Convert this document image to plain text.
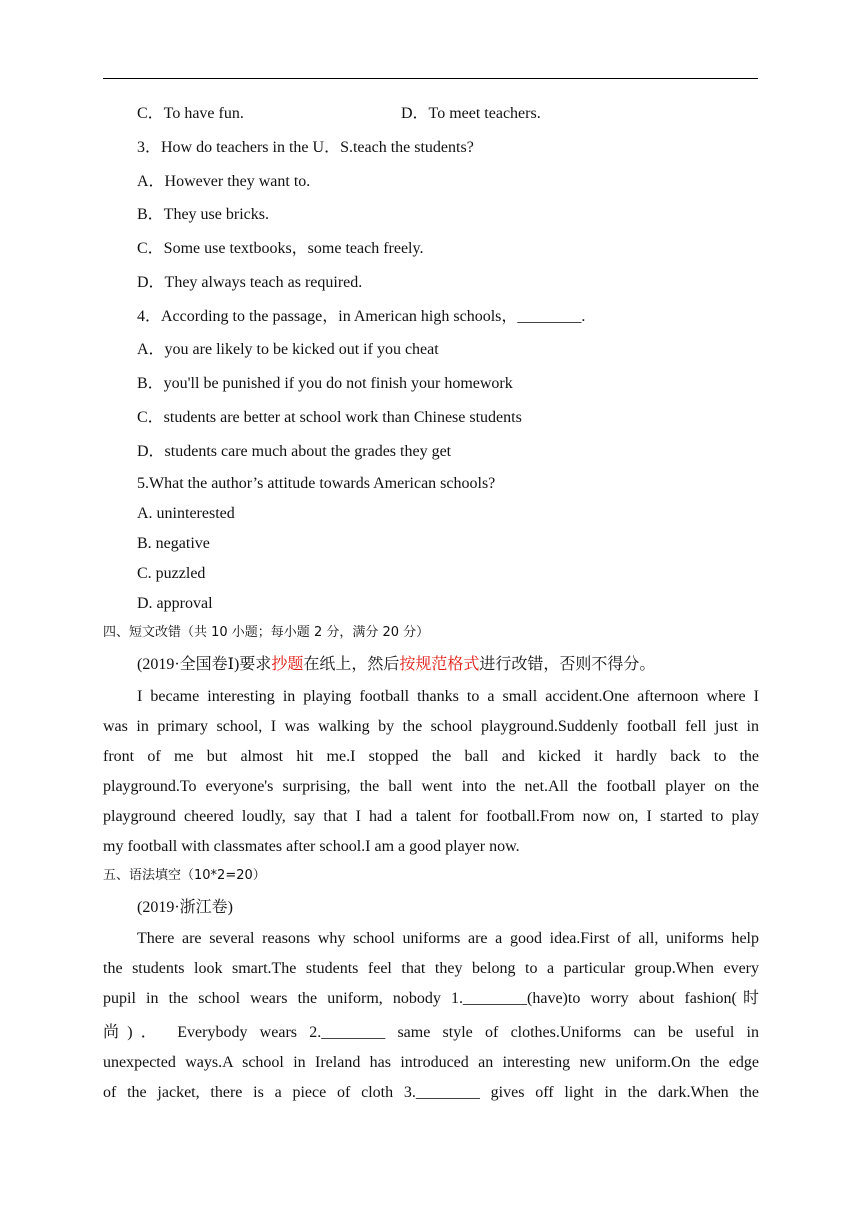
C．To have fun.	D．To meet teachers.
3．How do teachers in the U．S.teach the students?
A．However they want to.
B．They use bricks.
C．Some use textbooks，some teach freely.
D．They always teach as required.
4．According to the passage，in American high schools，________.
A．you are likely to be kicked out if you cheat
B．you'll be punished if you do not finish your homework
C．students are better at school work than Chinese students
D．students care much about the grades they get
5.What the author’s attitude towards American schools?
A. uninterested
B. negative
C. puzzled
D. approval
四、短文改错（共 10 小题；每小题 2 分，满分 20 分）
(2019·全国卷Ⅰ)要求抄题在纸上，然后按规范格式进行改错，否则不得分。
I became interesting in playing football thanks to a small accident.One afternoon where I
was in primary school, I was walking by the school playground.Suddenly football fell just in
front of me but almost hit me.I stopped the ball and kicked it hardly back to the
playground.To everyone's surprising, the ball went into the net.All the football player on the
playground cheered loudly, say that I had a talent for football.From now on, I started to play
my football with classmates after school.I am a good player now.
五、语法填空（10*2=20）
(2019·浙江卷)
There are several reasons why school uniforms are a good idea.First of all, uniforms help
the students look smart.The students feel that they belong to a particular group.When every
pupil in the school wears the uniform, nobody 1.________(have)to worry about fashion(时
尚)． Everybody wears 2.________ same style of clothes.Uniforms can be useful in
unexpected ways.A school in Ireland has introduced an interesting new uniform.On the edge
of the jacket, there is a piece of cloth 3.________ gives off light in the dark.When the
